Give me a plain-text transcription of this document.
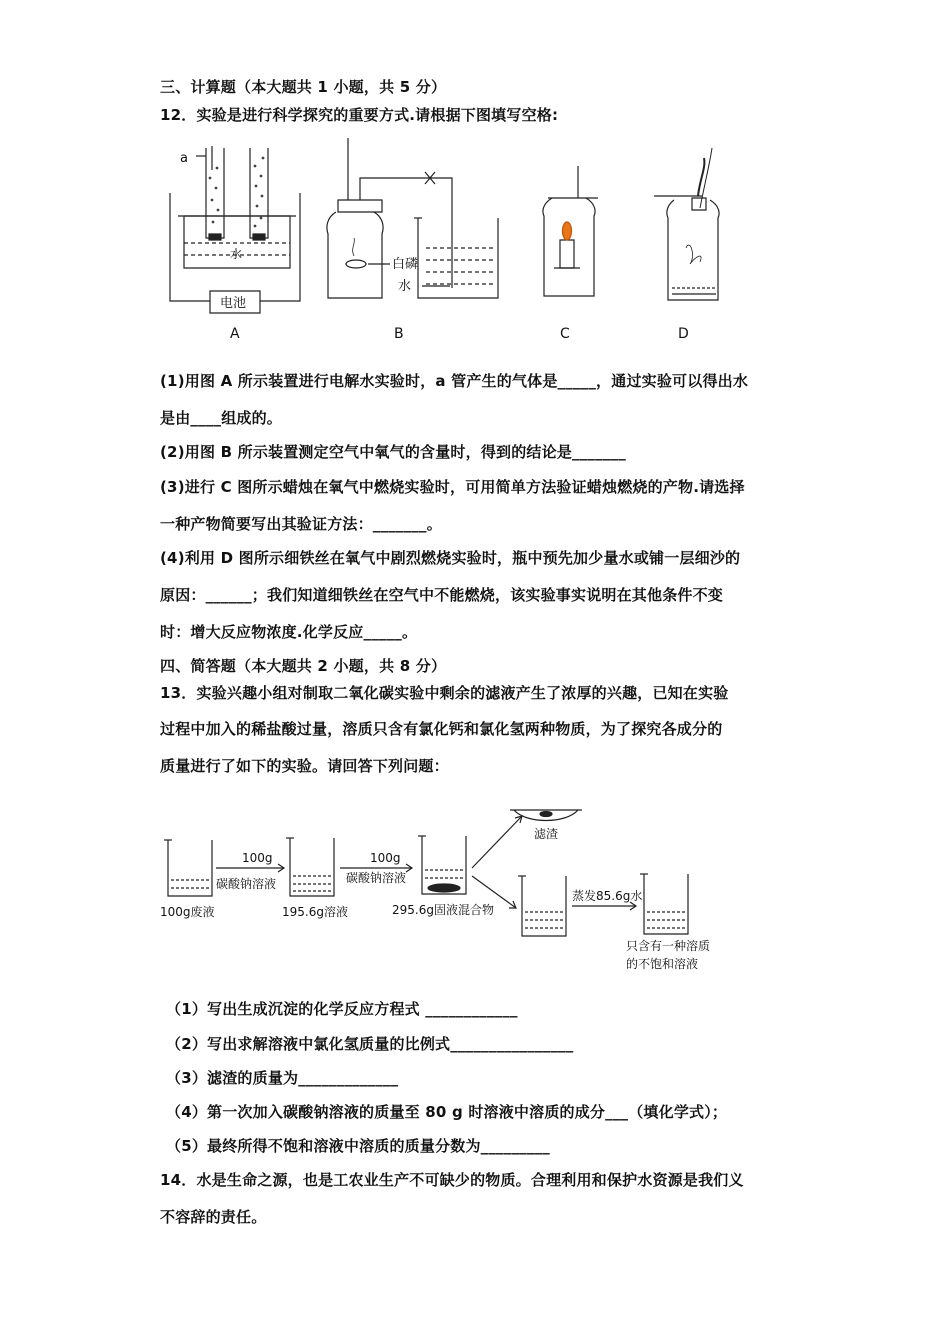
三、计算题（本大题共 1 小题，共 5 分）
12．实验是进行科学探究的重要方式.请根据下图填写空格:
a
水
电池
白磷
水
A	B	C	D
(1)用图 A 所示装置进行电解水实验时，a 管产生的气体是_____，通过实验可以得出水
是由____组成的。
(2)用图 B 所示装置测定空气中氧气的含量时，得到的结论是_______
(3)进行 C 图所示蜡烛在氧气中燃烧实验时，可用简单方法验证蜡烛燃烧的产物.请选择
一种产物简要写出其验证方法：_______。
(4)利用 D 图所示细铁丝在氧气中剧烈燃烧实验时，瓶中预先加少量水或铺一层细沙的
原因：______；我们知道细铁丝在空气中不能燃烧，该实验事实说明在其他条件不变
时：增大反应物浓度.化学反应_____。
四、简答题（本大题共 2 小题，共 8 分）
13．实验兴趣小组对制取二氧化碳实验中剩余的滤液产生了浓厚的兴趣，已知在实验
过程中加入的稀盐酸过量，溶质只含有氯化钙和氯化氢两种物质，为了探究各成分的
质量进行了如下的实验。请回答下列问题：
100g废液
100g
碳酸钠溶液
195.6g溶液
100g
碳酸钠溶液
295.6g固液混合物
滤渣
蒸发85.6g水
只含有一种溶质
的不饱和溶液
（1）写出生成沉淀的化学反应方程式 ____________
（2）写出求解溶液中氯化氢质量的比例式________________
（3）滤渣的质量为_____________
（4）第一次加入碳酸钠溶液的质量至 80 g 时溶液中溶质的成分___（填化学式）；
（5）最终所得不饱和溶液中溶质的质量分数为_________
14．水是生命之源，也是工农业生产不可缺少的物质。合理利用和保护水资源是我们义
不容辞的责任。
